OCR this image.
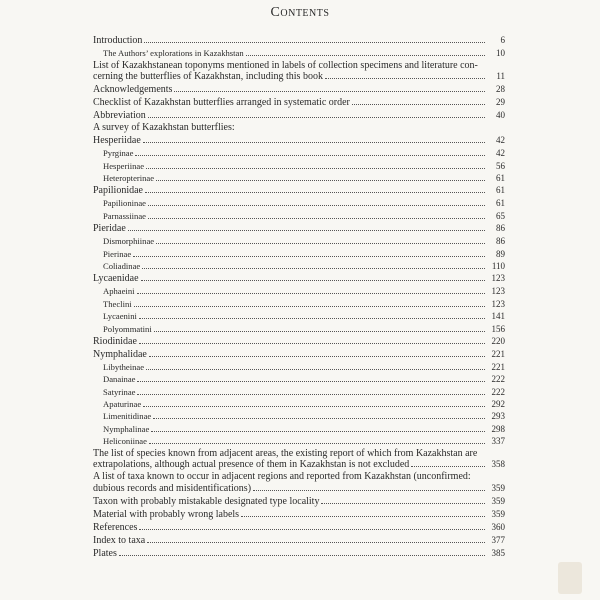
Contents
Introduction	6
The Authors’ explorations in Kazakhstan	10
List of Kazakhstanean toponyms mentioned in labels of collection specimens and literature con-
cerning the butterflies of Kazakhstan, including this book	11
Acknowledgements	28
Checklist of Kazakhstan butterflies arranged in systematic order	29
Abbreviation	40
A survey of Kazakhstan butterflies:
Hesperiidae	42
Pyrginae	42
Hesperiinae	56
Heteropterinae	61
Papilionidae	61
Papilioninae	61
Parnassiinae	65
Pieridae	86
Dismorphiinae	86
Pierinae	89
Coliadinae	110
Lycaenidae	123
Aphaeini	123
Theclini	123
Lycaenini	141
Polyommatini	156
Riodinidae	220
Nymphalidae	221
Libytheinae	221
Danainae	222
Satyrinae	222
Apaturinae	292
Limenitidinae	293
Nymphalinae	298
Heliconiinae	337
The list of species known from adjacent areas, the existing report of which from Kazakhstan are
extrapolations, although actual presence of them in Kazakhstan is not excluded	358
A list of taxa known to occur in adjacent regions and reported from Kazakhstan (unconfirmed:
dubious records and misidentifications)	359
Taxon with probably mistakable designated type locality	359
Material with probably wrong labels	359
References	360
Index to taxa	377
Plates	385
